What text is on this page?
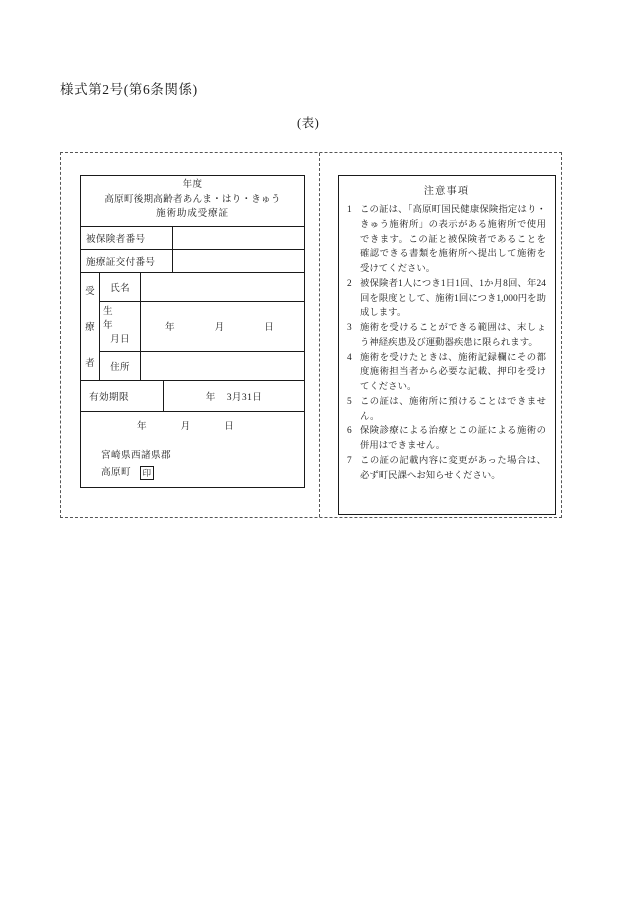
様式第2号(第6条関係)
(表)
年度
高原町後期高齢者あんま・はり・きゅう
施術助成受療証
被保険者番号
施療証交付番号
受
療
者
氏名
生　年
月日
年	月	日
住所
有効期限	年 3月31日
年	月	日
宮崎県西諸県郡
高原町 印
注意事項
1 この証は、「高原町国民健康保険指定はり・きゅう施術所」の表示がある施術所で使用できます。この証と被保険者であることを確認できる書類を施術所へ提出して施術を受けてください。
2 被保険者1人につき1日1回、1か月8回、年24回を限度として、施術1回につき1,000円を助成します。
3 施術を受けることができる範囲は、末しょう神経疾患及び運動器疾患に限られます。
4 施術を受けたときは、施術記録欄にその都度施術担当者から必要な記載、押印を受けてください。
5 この証は、施術所に預けることはできません。
6 保険診療による治療とこの証による施術の併用はできません。
7 この証の記載内容に変更があった場合は、必ず町民課へお知らせください。
